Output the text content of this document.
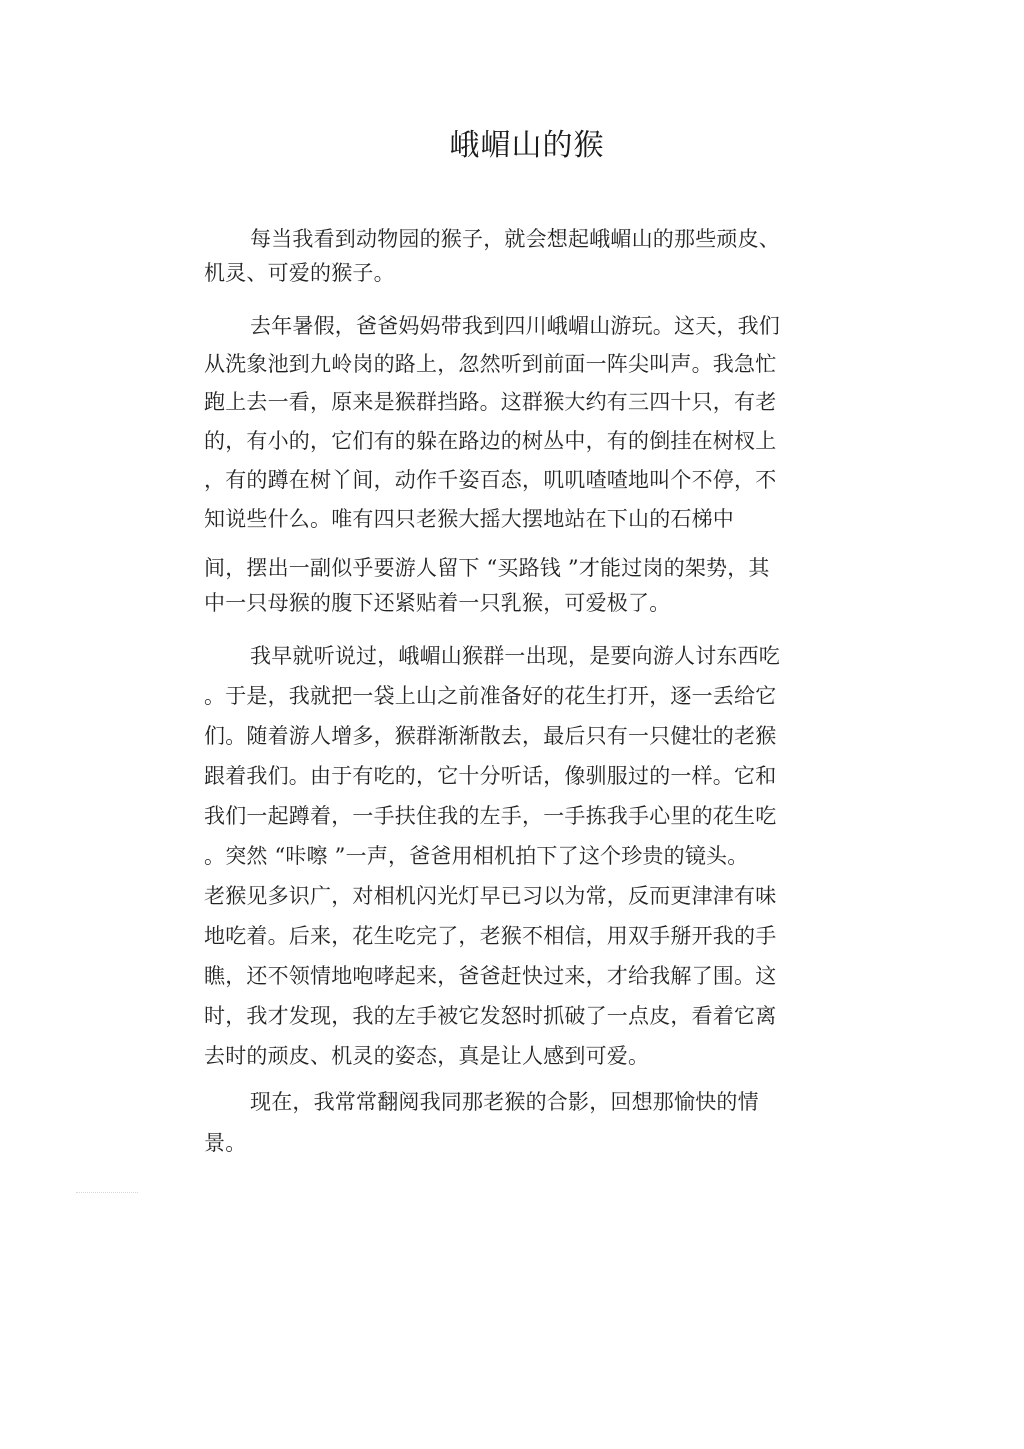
峨嵋山的猴
每当我看到动物园的猴子，就会想起峨嵋山的那些顽皮、
机灵、可爱的猴子。
去年暑假，爸爸妈妈带我到四川峨嵋山游玩。这天，我们
从洗象池到九岭岗的路上，忽然听到前面一阵尖叫声。我急忙
跑上去一看，原来是猴群挡路。这群猴大约有三四十只，有老
的，有小的，它们有的躲在路边的树丛中，有的倒挂在树杈上
，有的蹲在树丫间，动作千姿百态，叽叽喳喳地叫个不停，不
知说些什么。唯有四只老猴大摇大摆地站在下山的石梯中
间，摆出一副似乎要游人留下 “买路钱 ”才能过岗的架势，其
中一只母猴的腹下还紧贴着一只乳猴，可爱极了。
我早就听说过，峨嵋山猴群一出现，是要向游人讨东西吃
。于是，我就把一袋上山之前准备好的花生打开，逐一丢给它
们。随着游人增多，猴群渐渐散去，最后只有一只健壮的老猴
跟着我们。由于有吃的，它十分听话，像驯服过的一样。它和
我们一起蹲着，一手扶住我的左手，一手拣我手心里的花生吃
。突然 “咔嚓 ”一声，爸爸用相机拍下了这个珍贵的镜头。
老猴见多识广，对相机闪光灯早已习以为常，反而更津津有味
地吃着。后来，花生吃完了，老猴不相信，用双手掰开我的手
瞧，还不领情地咆哮起来，爸爸赶快过来，才给我解了围。这
时，我才发现，我的左手被它发怒时抓破了一点皮，看着它离
去时的顽皮、机灵的姿态，真是让人感到可爱。
现在，我常常翻阅我同那老猴的合影，回想那愉快的情
景。
